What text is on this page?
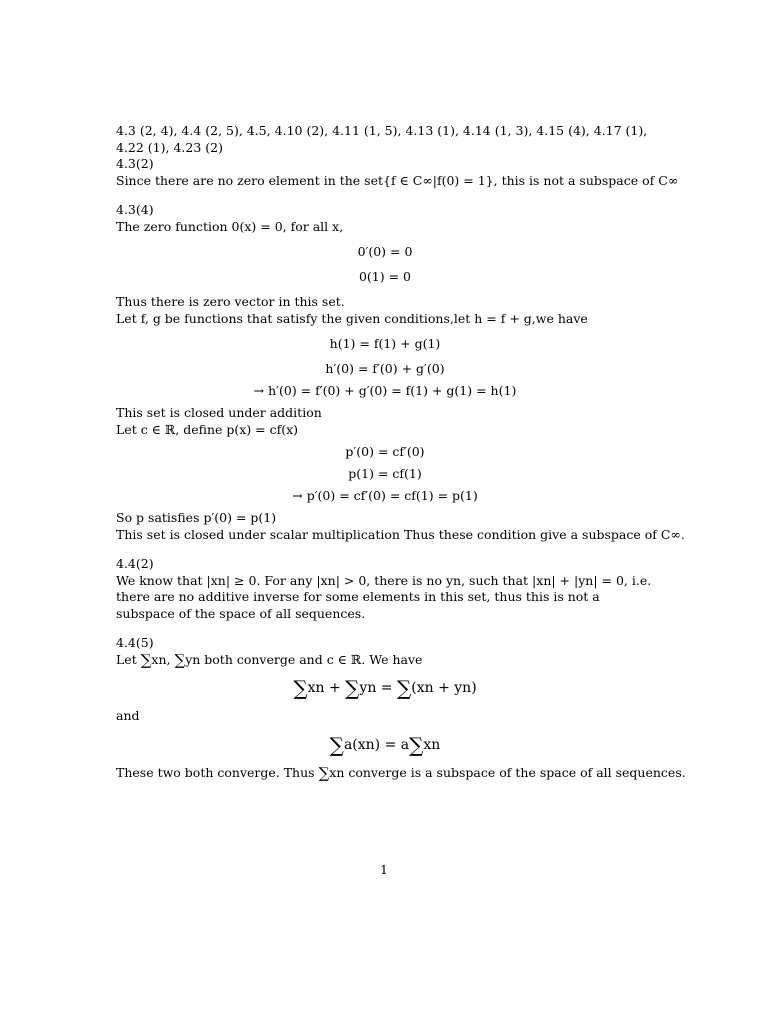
4.3 (2, 4), 4.4 (2, 5), 4.5, 4.10 (2), 4.11 (1, 5), 4.13 (1), 4.14 (1, 3), 4.15 (4), 4.17 (1),
4.22 (1), 4.23 (2)
4.3(2)
Since there are no zero element in the set{f ∈ C∞|f(0) = 1}, this is not a subspace of C∞
4.3(4)
The zero function 0(x) = 0, for all x,
0′(0) = 0
0(1) = 0
Thus there is zero vector in this set.
Let f, g be functions that satisfy the given conditions,let h = f + g,we have
h(1) = f(1) + g(1)
h′(0) = f′(0) + g′(0)
→ h′(0) = f′(0) + g′(0) = f(1) + g(1) = h(1)
This set is closed under addition
Let c ∈ ℝ, define p(x) = cf(x)
p′(0) = cf′(0)
p(1) = cf(1)
→ p′(0) = cf′(0) = cf(1) = p(1)
So p satisfies p′(0) = p(1)
This set is closed under scalar multiplication Thus these condition give a subspace of C∞.
4.4(2)
We know that |xn| ≥ 0. For any |xn| > 0, there is no yn, such that |xn| + |yn| = 0, i.e. there are no additive inverse for some elements in this set, thus this is not a subspace of the space of all sequences.
4.4(5)
Let ∑xn, ∑yn both converge and c ∈ ℝ. We have
∑xn + ∑yn = ∑(xn + yn)
and
∑a(xn) = a∑xn
These two both converge. Thus ∑xn converge is a subspace of the space of all sequences.
1
